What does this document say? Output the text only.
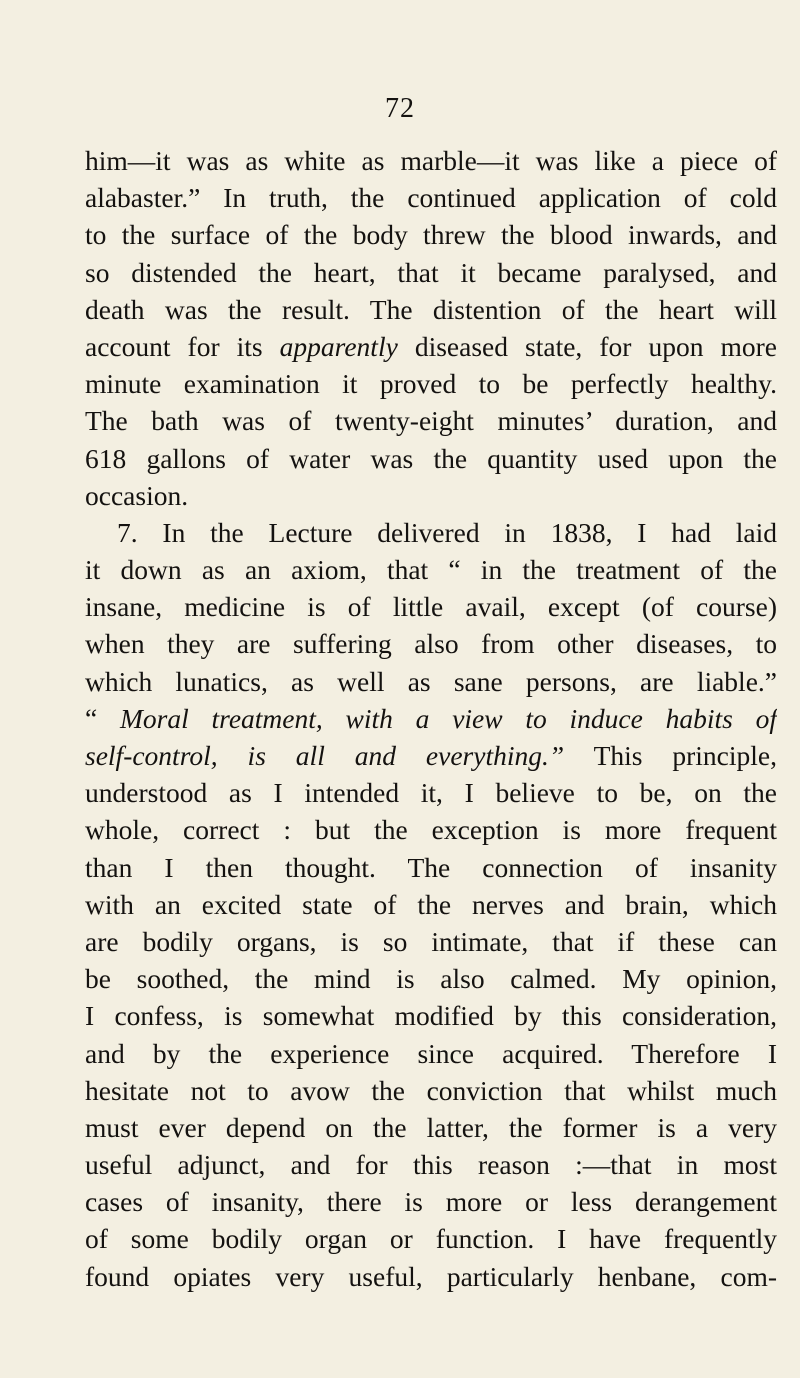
72
him—it was as white as marble—it was like a piece of
alabaster.” In truth, the continued application of cold
to the surface of the body threw the blood inwards, and
so distended the heart, that it became paralysed, and
death was the result. The distention of the heart will
account for its apparently diseased state, for upon more
minute examination it proved to be perfectly healthy.
The bath was of twenty-eight minutes’ duration, and
618 gallons of water was the quantity used upon the
occasion.
7. In the Lecture delivered in 1838, I had laid
it down as an axiom, that “ in the treatment of the
insane, medicine is of little avail, except (of course)
when they are suffering also from other diseases, to
which lunatics, as well as sane persons, are liable.”
“ Moral treatment, with a view to induce habits of
self-control, is all and everything.” This principle,
understood as I intended it, I believe to be, on the
whole, correct : but the exception is more frequent
than I then thought. The connection of insanity
with an excited state of the nerves and brain, which
are bodily organs, is so intimate, that if these can
be soothed, the mind is also calmed. My opinion,
I confess, is somewhat modified by this consideration,
and by the experience since acquired. Therefore I
hesitate not to avow the conviction that whilst much
must ever depend on the latter, the former is a very
useful adjunct, and for this reason :—that in most
cases of insanity, there is more or less derangement
of some bodily organ or function. I have frequently
found opiates very useful, particularly henbane, com-
